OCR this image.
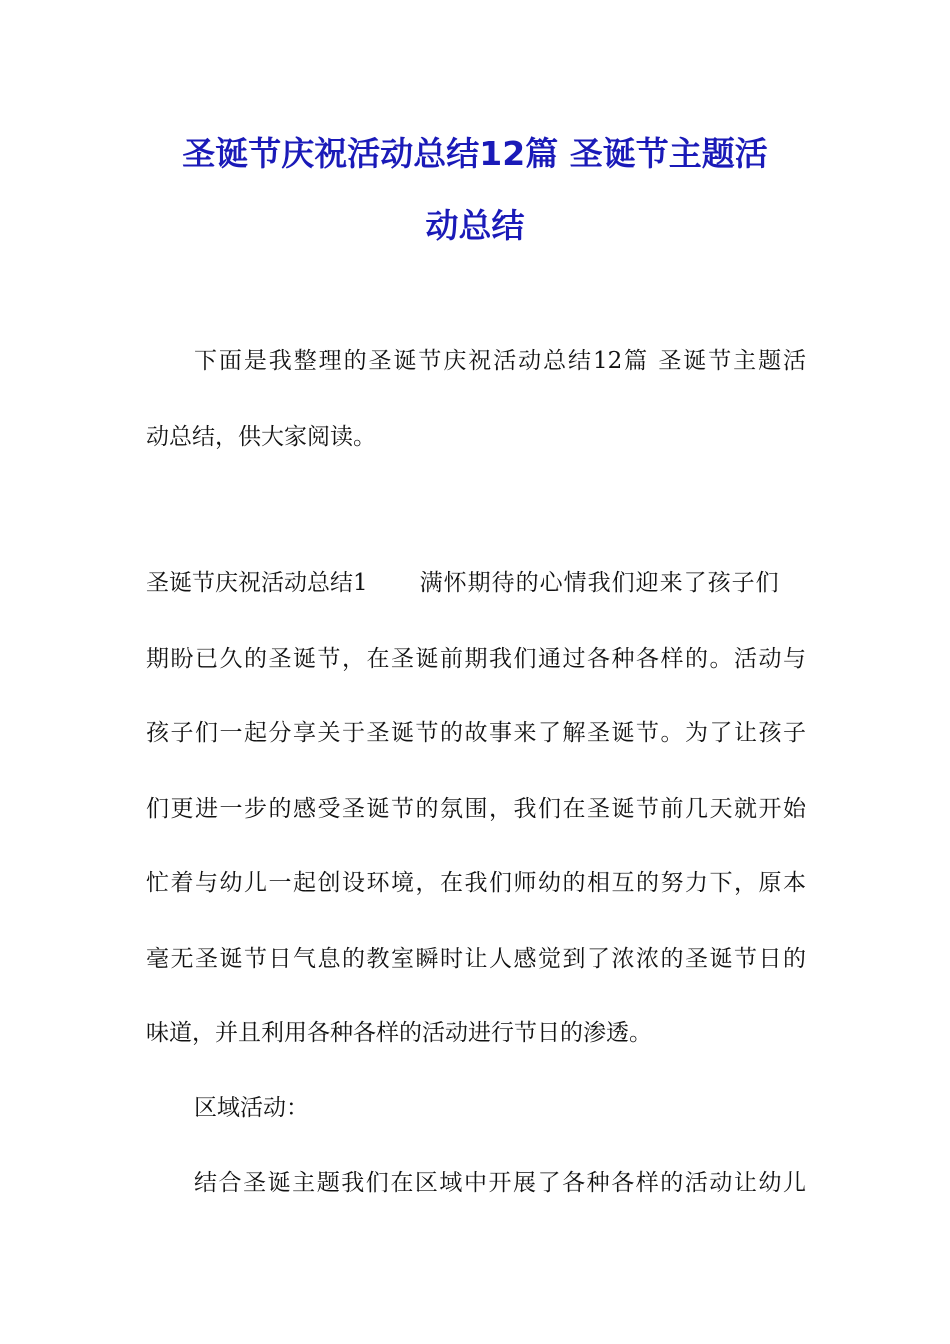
圣诞节庆祝活动总结12篇 圣诞节主题活
动总结

下面是我整理的圣诞节庆祝活动总结12篇 圣诞节主题活

动总结，供大家阅读。

圣诞节庆祝活动总结1 满怀期待的心情我们迎来了孩子们

期盼已久的圣诞节，在圣诞前期我们通过各种各样的。活动与

孩子们一起分享关于圣诞节的故事来了解圣诞节。为了让孩子

们更进一步的感受圣诞节的氛围，我们在圣诞节前几天就开始

忙着与幼儿一起创设环境，在我们师幼的相互的努力下，原本

毫无圣诞节日气息的教室瞬时让人感觉到了浓浓的圣诞节日的

味道，并且利用各种各样的活动进行节日的渗透。

区域活动：

结合圣诞主题我们在区域中开展了各种各样的活动让幼儿
